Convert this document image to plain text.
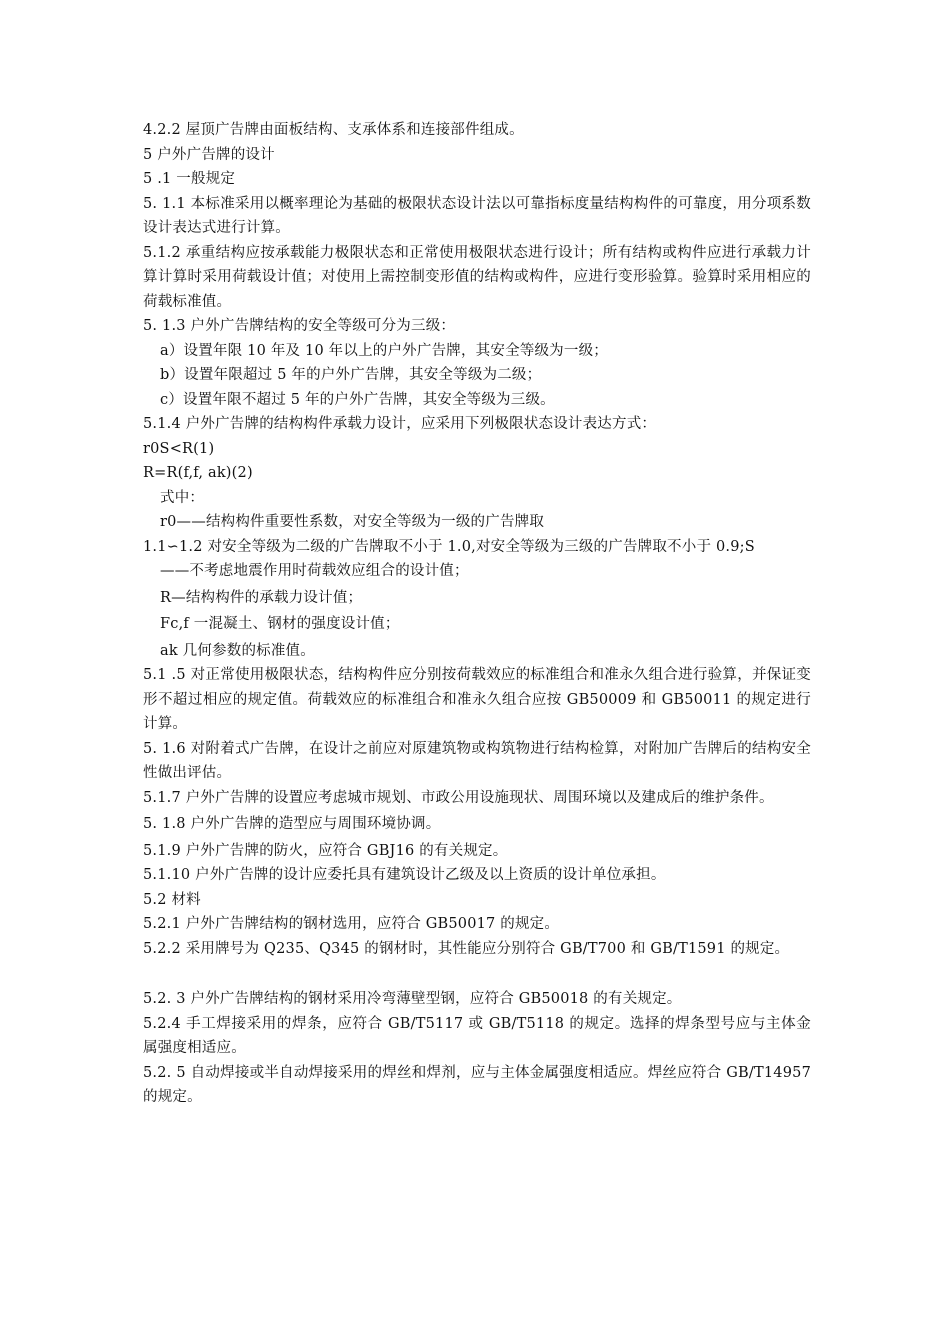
4.2.2 屋顶广告牌由面板结构、支承体系和连接部件组成。

5 户外广告牌的设计

5 .1 一般规定

5. 1.1 本标准采用以概率理论为基础的极限状态设计法以可靠指标度量结构构件的可靠度，用分项系数设计表达式进行计算。

5.1.2 承重结构应按承载能力极限状态和正常使用极限状态进行设计；所有结构或构件应进行承载力计算计算时采用荷载设计值；对使用上需控制变形值的结构或构件，应进行变形验算。验算时采用相应的荷载标准值。

5. 1.3 户外广告牌结构的安全等级可分为三级：

a）设置年限 10 年及 10 年以上的户外广告牌，其安全等级为一级；

b）设置年限超过 5 年的户外广告牌，其安全等级为二级；

c）设置年限不超过 5 年的户外广告牌，其安全等级为三级。

5.1.4 户外广告牌的结构构件承载力设计，应采用下列极限状态设计表达方式：

r0S<R(1)

R=R(f,f, ak)(2)

式中：

r0——结构构件重要性系数，对安全等级为一级的广告牌取

1.1∽1.2 对安全等级为二级的广告牌取不小于 1.0,对安全等级为三级的广告牌取不小于 0.9;S

——不考虑地震作用时荷载效应组合的设计值；

R—结构构件的承载力设计值；

Fc,f 一混凝土、钢材的强度设计值；

ak 几何参数的标准值。

5.1 .5 对正常使用极限状态，结构构件应分别按荷载效应的标准组合和准永久组合进行验算，并保证变形不超过相应的规定值。荷载效应的标准组合和准永久组合应按 GB50009 和 GB50011 的规定进行计算。

5. 1.6 对附着式广告牌，在设计之前应对原建筑物或构筑物进行结构检算，对附加广告牌后的结构安全性做出评估。

5.1.7 户外广告牌的设置应考虑城市规划、市政公用设施现状、周围环境以及建成后的维护条件。

5. 1.8 户外广告牌的造型应与周围环境协调。

5.1.9 户外广告牌的防火，应符合 GBJ16 的有关规定。

5.1.10 户外广告牌的设计应委托具有建筑设计乙级及以上资质的设计单位承担。

5.2 材料

5.2.1 户外广告牌结构的钢材选用，应符合 GB50017 的规定。

5.2.2 采用牌号为 Q235、Q345 的钢材时，其性能应分别符合 GB/T700 和 GB/T1591 的规定。

5.2. 3 户外广告牌结构的钢材采用冷弯薄壁型钢，应符合 GB50018 的有关规定。

5.2.4 手工焊接采用的焊条，应符合 GB/T5117 或 GB/T5118 的规定。选择的焊条型号应与主体金属强度相适应。

5.2. 5 自动焊接或半自动焊接采用的焊丝和焊剂，应与主体金属强度相适应。焊丝应符合 GB/T14957 的规定。
